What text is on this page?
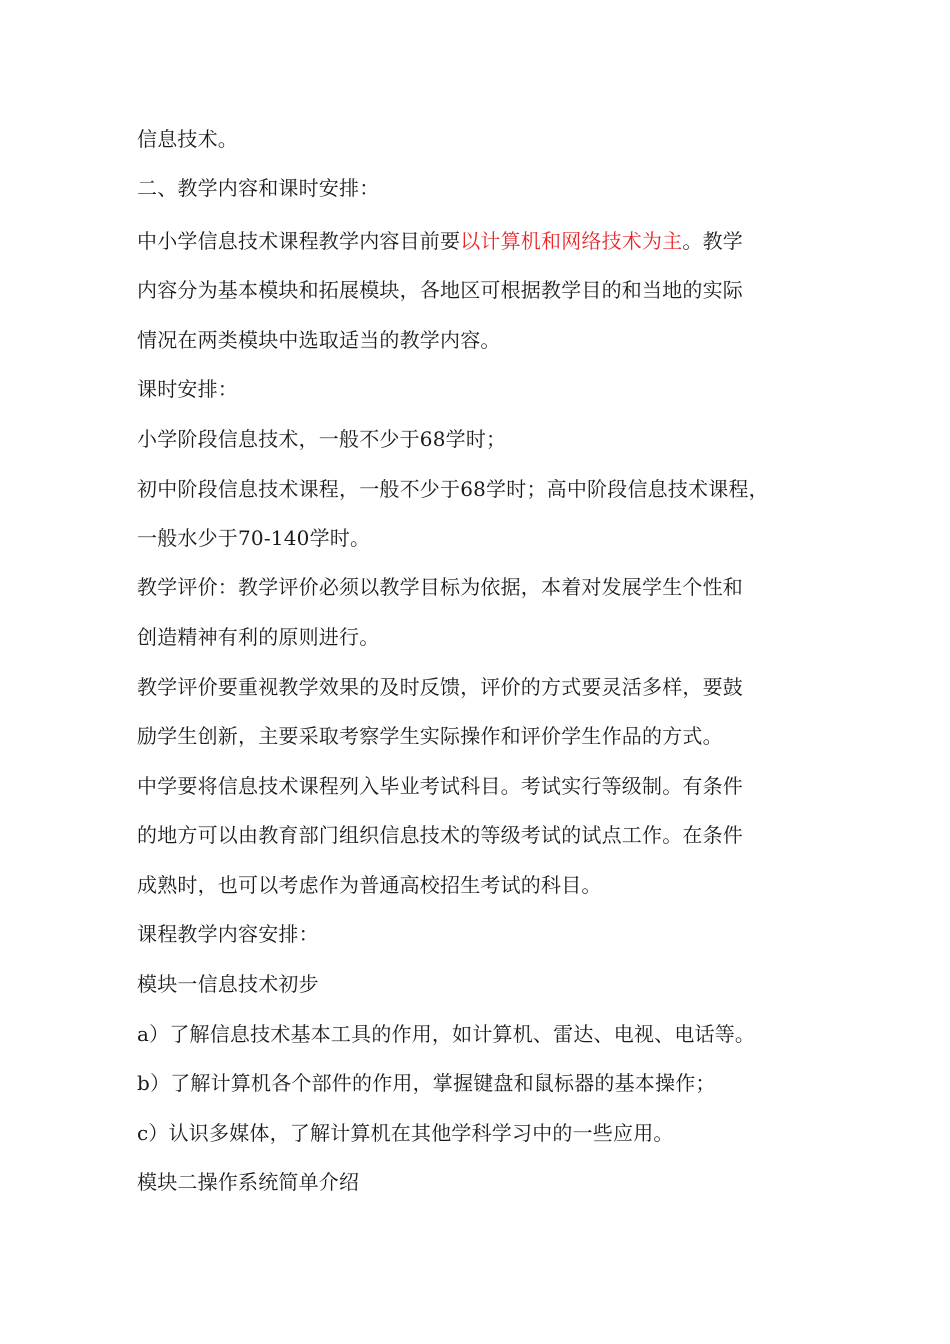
信息技术。

二、教学内容和课时安排：

中小学信息技术课程教学内容目前要以计算机和网络技术为主。教学

内容分为基本模块和拓展模块，各地区可根据教学目的和当地的实际

情况在两类模块中选取适当的教学内容。

课时安排：

小学阶段信息技术，一般不少于68学时；

初中阶段信息技术课程，一般不少于68学时；高中阶段信息技术课程，

一般水少于70-140学时。

教学评价：教学评价必须以教学目标为依据，本着对发展学生个性和

创造精神有利的原则进行。

教学评价要重视教学效果的及时反馈，评价的方式要灵活多样，要鼓

励学生创新，主要采取考察学生实际操作和评价学生作品的方式。

中学要将信息技术课程列入毕业考试科目。考试实行等级制。有条件

的地方可以由教育部门组织信息技术的等级考试的试点工作。在条件

成熟时，也可以考虑作为普通高校招生考试的科目。

课程教学内容安排：

模块一信息技术初步

a）了解信息技术基本工具的作用，如计算机、雷达、电视、电话等。

b）了解计算机各个部件的作用，掌握键盘和鼠标器的基本操作；

c）认识多媒体，了解计算机在其他学科学习中的一些应用。

模块二操作系统简单介绍
